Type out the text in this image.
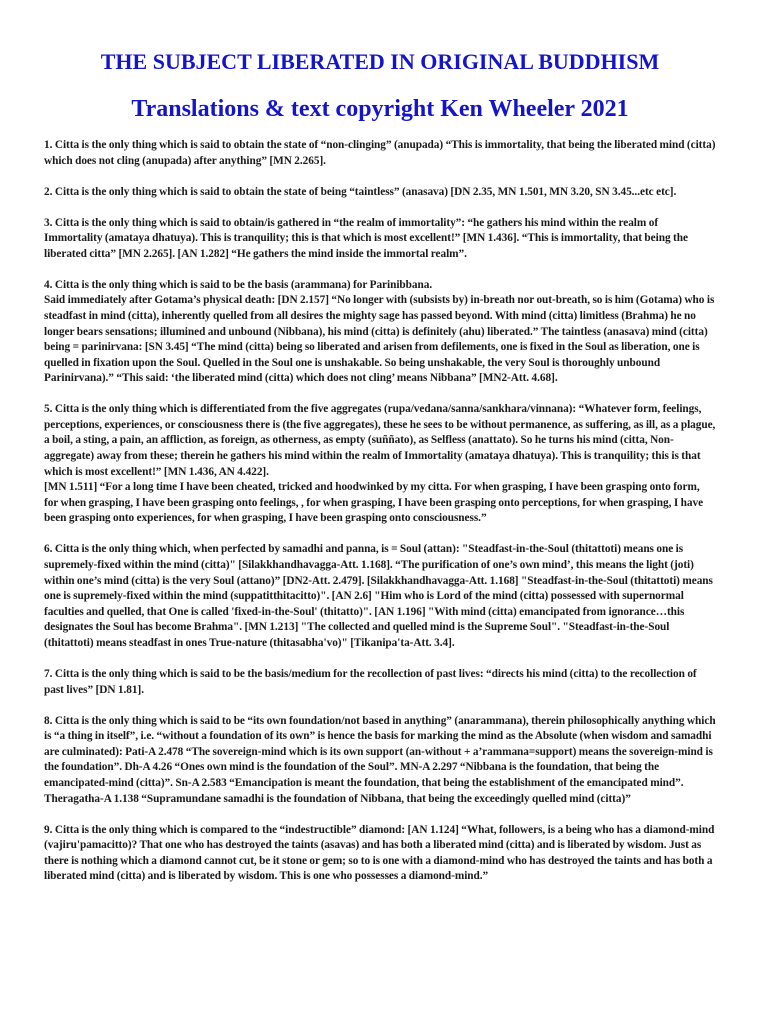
THE SUBJECT LIBERATED IN ORIGINAL BUDDHISM
Translations & text copyright Ken Wheeler 2021
1. Citta is the only thing which is said to obtain the state of “non-clinging” (anupada) “This is immortality, that being the liberated mind (citta) which does not cling (anupada) after anything” [MN 2.265].
2. Citta is the only thing which is said to obtain the state of being “taintless” (anasava) [DN 2.35, MN 1.501, MN 3.20, SN 3.45...etc etc].
3. Citta is the only thing which is said to obtain/is gathered in “the realm of immortality”: “he gathers his mind within the realm of Immortality (amataya dhatuya). This is tranquility; this is that which is most excellent!” [MN 1.436]. “This is immortality, that being the liberated citta” [MN 2.265]. [AN 1.282] “He gathers the mind inside the immortal realm”.
4. Citta is the only thing which is said to be the basis (arammana) for Parinibbana.
Said immediately after Gotama’s physical death: [DN 2.157] “No longer with (subsists by) in-breath nor out-breath, so is him (Gotama) who is steadfast in mind (citta), inherently quelled from all desires the mighty sage has passed beyond. With mind (citta) limitless (Brahma) he no longer bears sensations; illumined and unbound (Nibbana), his mind (citta) is definitely (ahu) liberated.” The taintless (anasava) mind (citta) being = parinirvana: [SN 3.45] “The mind (citta) being so liberated and arisen from defilements, one is fixed in the Soul as liberation, one is quelled in fixation upon the Soul. Quelled in the Soul one is unshakable. So being unshakable, the very Soul is thoroughly unbound Parinirvana).” “This said: ‘the liberated mind (citta) which does not cling’ means Nibbana” [MN2-Att. 4.68].
5. Citta is the only thing which is differentiated from the five aggregates (rupa/vedana/sanna/sankhara/vinnana): “Whatever form, feelings, perceptions, experiences, or consciousness there is (the five aggregates), these he sees to be without permanence, as suffering, as ill, as a plague, a boil, a sting, a pain, an affliction, as foreign, as otherness, as empty (suññato), as Selfless (anattato). So he turns his mind (citta, Non-aggregate) away from these; therein he gathers his mind within the realm of Immortality (amataya dhatuya). This is tranquility; this is that which is most excellent!” [MN 1.436, AN 4.422].
[MN 1.511] “For a long time I have been cheated, tricked and hoodwinked by my citta. For when grasping, I have been grasping onto form, for when grasping, I have been grasping onto feelings, , for when grasping, I have been grasping onto perceptions, for when grasping, I have been grasping onto experiences, for when grasping, I have been grasping onto consciousness.”
6. Citta is the only thing which, when perfected by samadhi and panna, is = Soul (attan): "Steadfast-in-the-Soul (thitattoti) means one is supremely-fixed within the mind (citta)" [Silakkhandhavagga-Att. 1.168]. “The purification of one’s own mind’, this means the light (joti) within one’s mind (citta) is the very Soul (attano)” [DN2-Att. 2.479]. [Silakkhandhavagga-Att. 1.168] "Steadfast-in-the-Soul (thitattoti) means one is supremely-fixed within the mind (suppatitthitacitto)". [AN 2.6] "Him who is Lord of the mind (citta) possessed with supernormal faculties and quelled, that One is called 'fixed-in-the-Soul' (thitatto)". [AN 1.196] "With mind (citta) emancipated from ignorance…this designates the Soul has become Brahma". [MN 1.213] "The collected and quelled mind is the Supreme Soul". "Steadfast-in-the-Soul (thitattoti) means steadfast in ones True-nature (thitasabha'vo)" [Tikanipa'ta-Att. 3.4].
7. Citta is the only thing which is said to be the basis/medium for the recollection of past lives: “directs his mind (citta) to the recollection of past lives” [DN 1.81].
8. Citta is the only thing which is said to be “its own foundation/not based in anything” (anarammana), therein philosophically anything which is “a thing in itself”, i.e. “without a foundation of its own” is hence the basis for marking the mind as the Absolute (when wisdom and samadhi are culminated): Pati-A 2.478 “The sovereign-mind which is its own support (an-without + a’rammana=support) means the sovereign-mind is the foundation”. Dh-A 4.26 “Ones own mind is the foundation of the Soul”. MN-A 2.297 “Nibbana is the foundation, that being the emancipated-mind (citta)”. Sn-A 2.583 “Emancipation is meant the foundation, that being the establishment of the emancipated mind”. Theragatha-A 1.138 “Supramundane samadhi is the foundation of Nibbana, that being the exceedingly quelled mind (citta)”
9. Citta is the only thing which is compared to the “indestructible” diamond: [AN 1.124] “What, followers, is a being who has a diamond-mind (vajiru'pamacitto)? That one who has destroyed the taints (asavas) and has both a liberated mind (citta) and is liberated by wisdom. Just as there is nothing which a diamond cannot cut, be it stone or gem; so to is one with a diamond-mind who has destroyed the taints and has both a liberated mind (citta) and is liberated by wisdom. This is one who possesses a diamond-mind.”
